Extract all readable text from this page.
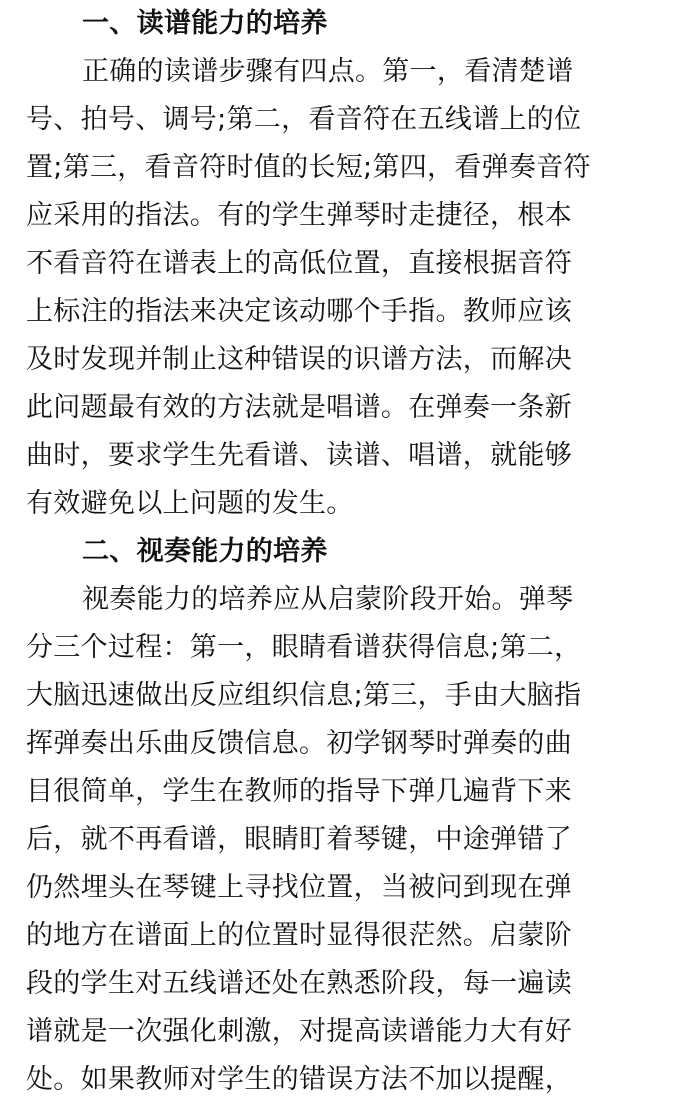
一、读谱能力的培养
正确的读谱步骤有四点。第一，看清楚谱
号、拍号、调号;第二，看音符在五线谱上的位
置;第三，看音符时值的长短;第四，看弹奏音符
应采用的指法。有的学生弹琴时走捷径，根本
不看音符在谱表上的高低位置，直接根据音符
上标注的指法来决定该动哪个手指。教师应该
及时发现并制止这种错误的识谱方法，而解决
此问题最有效的方法就是唱谱。在弹奏一条新
曲时，要求学生先看谱、读谱、唱谱，就能够
有效避免以上问题的发生。
二、视奏能力的培养
视奏能力的培养应从启蒙阶段开始。弹琴
分三个过程：第一，眼睛看谱获得信息;第二，
大脑迅速做出反应组织信息;第三，手由大脑指
挥弹奏出乐曲反馈信息。初学钢琴时弹奏的曲
目很简单，学生在教师的指导下弹几遍背下来
后，就不再看谱，眼睛盯着琴键，中途弹错了
仍然埋头在琴键上寻找位置，当被问到现在弹
的地方在谱面上的位置时显得很茫然。启蒙阶
段的学生对五线谱还处在熟悉阶段，每一遍读
谱就是一次强化刺激，对提高读谱能力大有好
处。如果教师对学生的错误方法不加以提醒，
